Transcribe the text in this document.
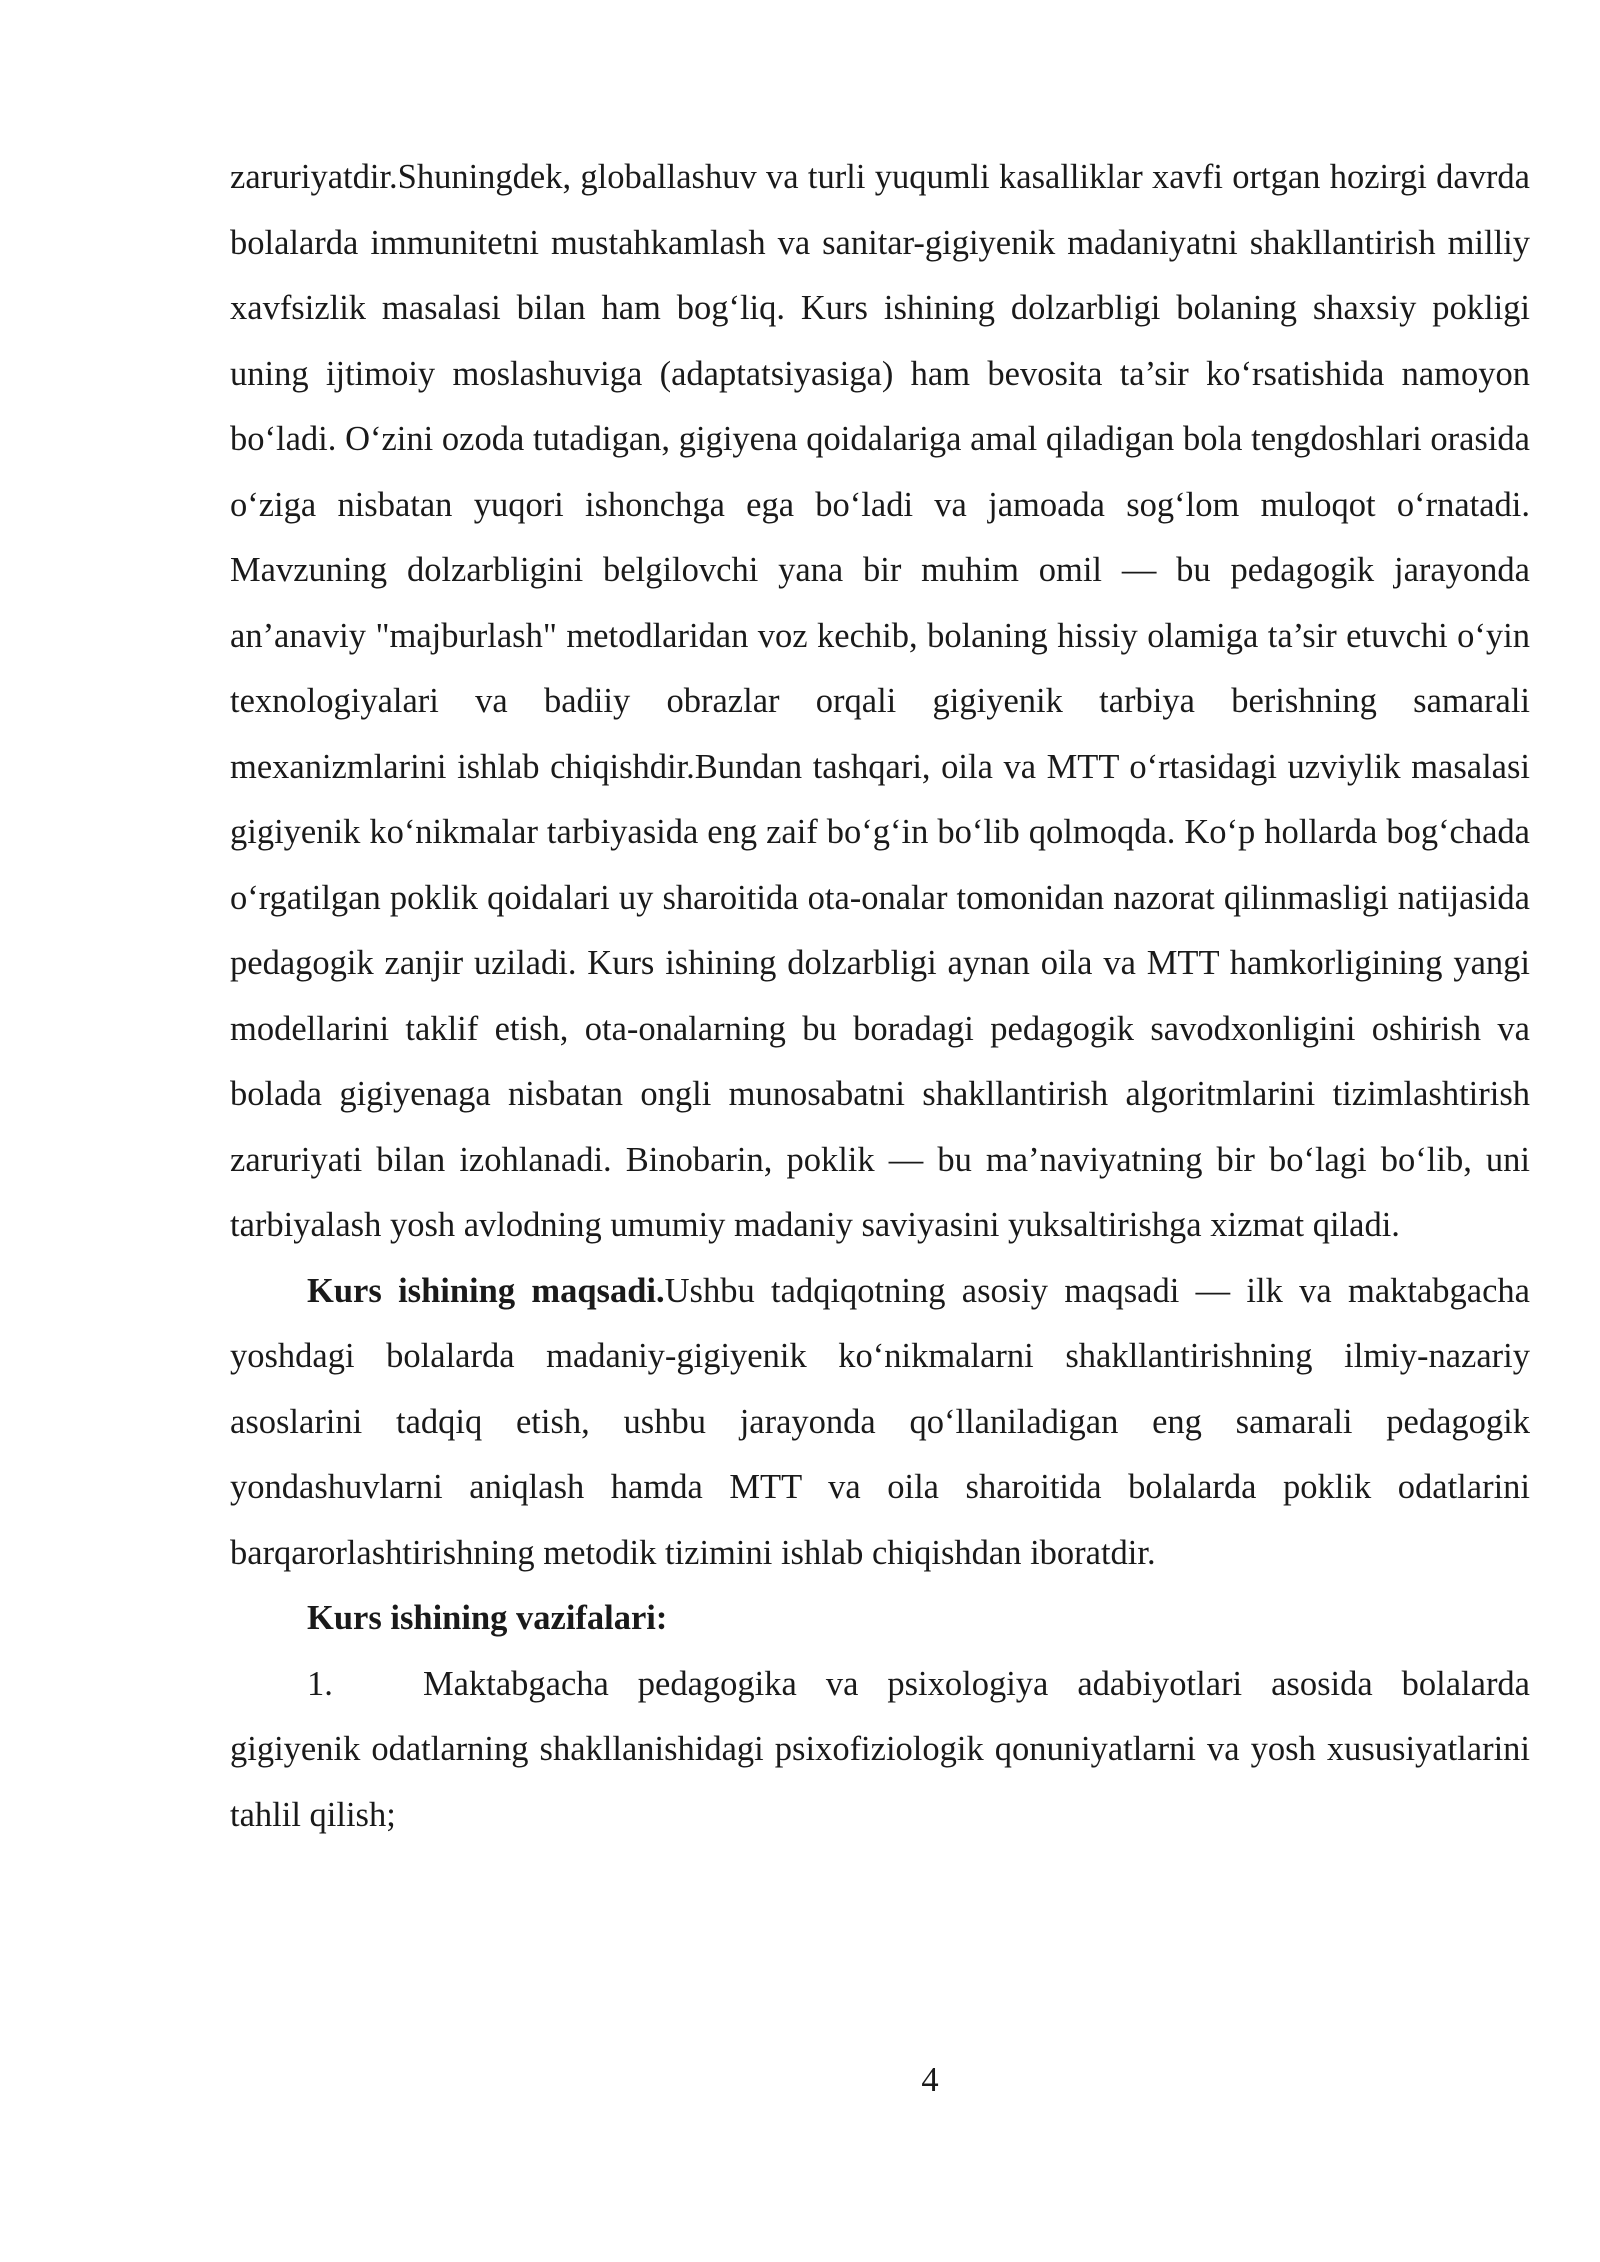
zaruriyatdir.Shuningdek, globallashuv va turli yuqumli kasalliklar xavfi ortgan hozirgi davrda bolalarda immunitetni mustahkamlash va sanitar-gigiyenik madaniyatni shakllantirish milliy xavfsizlik masalasi bilan ham bog‘liq. Kurs ishining dolzarbligi bolaning shaxsiy pokligi uning ijtimoiy moslashuviga (adaptatsiyasiga) ham bevosita ta’sir ko‘rsatishida namoyon bo‘ladi. O‘zini ozoda tutadigan, gigiyena qoidalariga amal qiladigan bola tengdoshlari orasida o‘ziga nisbatan yuqori ishonchga ega bo‘ladi va jamoada sog‘lom muloqot o‘rnatadi. Mavzuning dolzarbligini belgilovchi yana bir muhim omil — bu pedagogik jarayonda an’anaviy "majburlash" metodlaridan voz kechib, bolaning hissiy olamiga ta’sir etuvchi o‘yin texnologiyalari va badiiy obrazlar orqali gigiyenik tarbiya berishning samarali mexanizmlarini ishlab chiqishdir.Bundan tashqari, oila va MTT o‘rtasidagi uzviylik masalasi gigiyenik ko‘nikmalar tarbiyasida eng zaif bo‘g‘in bo‘lib qolmoqda. Ko‘p hollarda bog‘chada o‘rgatilgan poklik qoidalari uy sharoitida ota-onalar tomonidan nazorat qilinmasligi natijasida pedagogik zanjir uziladi. Kurs ishining dolzarbligi aynan oila va MTT hamkorligining yangi modellarini taklif etish, ota-onalarning bu boradagi pedagogik savodxonligini oshirish va bolada gigiyenaga nisbatan ongli munosabatni shakllantirish algoritmlarini tizimlashtirish zaruriyati bilan izohlanadi. Binobarin, poklik — bu ma’naviyatning bir bo‘lagi bo‘lib, uni tarbiyalash yosh avlodning umumiy madaniy saviyasini yuksaltirishga xizmat qiladi.

Kurs ishining maqsadi.Ushbu tadqiqotning asosiy maqsadi — ilk va maktabgacha yoshdagi bolalarda madaniy-gigiyenik ko‘nikmalarni shakllantirishning ilmiy-nazariy asoslarini tadqiq etish, ushbu jarayonda qo‘llaniladigan eng samarali pedagogik yondashuvlarni aniqlash hamda MTT va oila sharoitida bolalarda poklik odatlarini barqarorlashtirishning metodik tizimini ishlab chiqishdan iboratdir.

Kurs ishining vazifalari:

1.	Maktabgacha pedagogika va psixologiya adabiyotlari asosida bolalarda gigiyenik odatlarning shakllanishidagi psixofiziologik qonuniyatlarni va yosh xususiyatlarini tahlil qilish;

4
